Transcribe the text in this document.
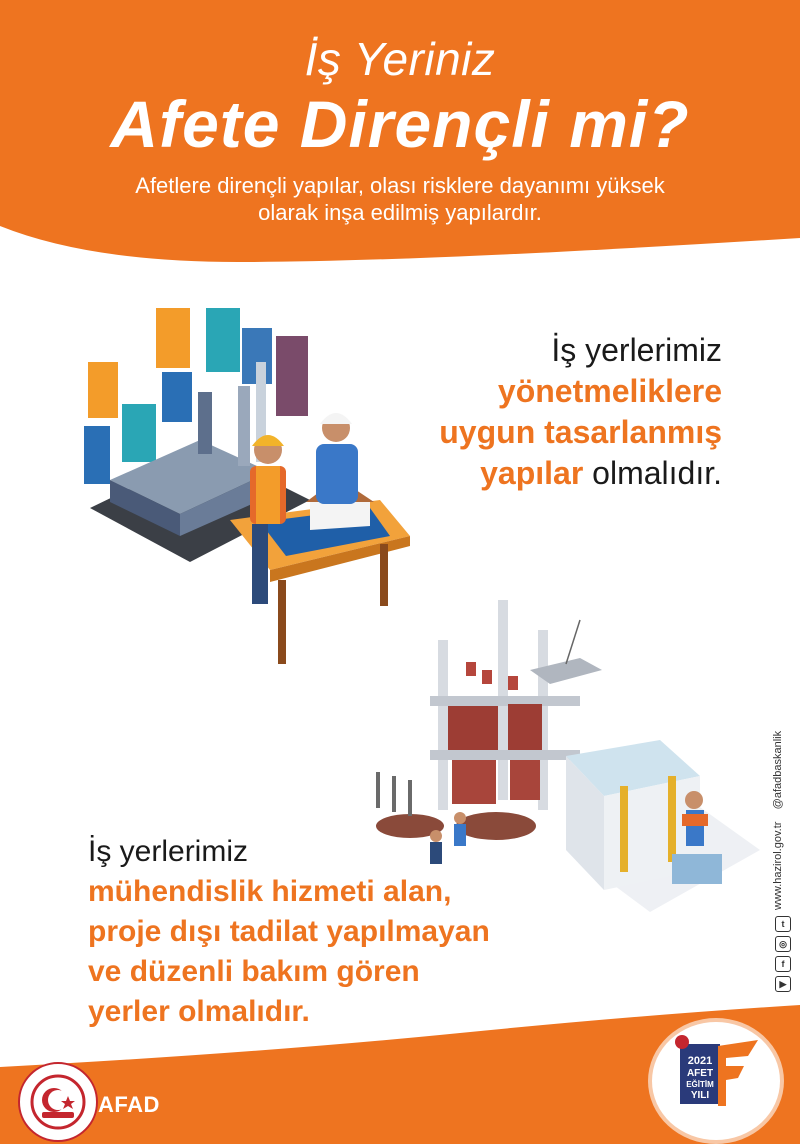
İş Yeriniz
Afete Dirençli mi?
Afetlere dirençli yapılar, olası risklere dayanımı yüksek
olarak inşa edilmiş yapılardır.
İş yerlerimiz
yönetmeliklere
uygun tasarlanmış
yapılar olmalıdır.
İş yerlerimiz
mühendislik hizmeti alan,
proje dışı tadilat yapılmayan
ve düzenli bakım gören
yerler olmalıdır.
www.hazirol.gov.tr    @afadbaskanlik
t
◎
f
▶
AFAD
2021
AFET
EĞİTİM
YILI
